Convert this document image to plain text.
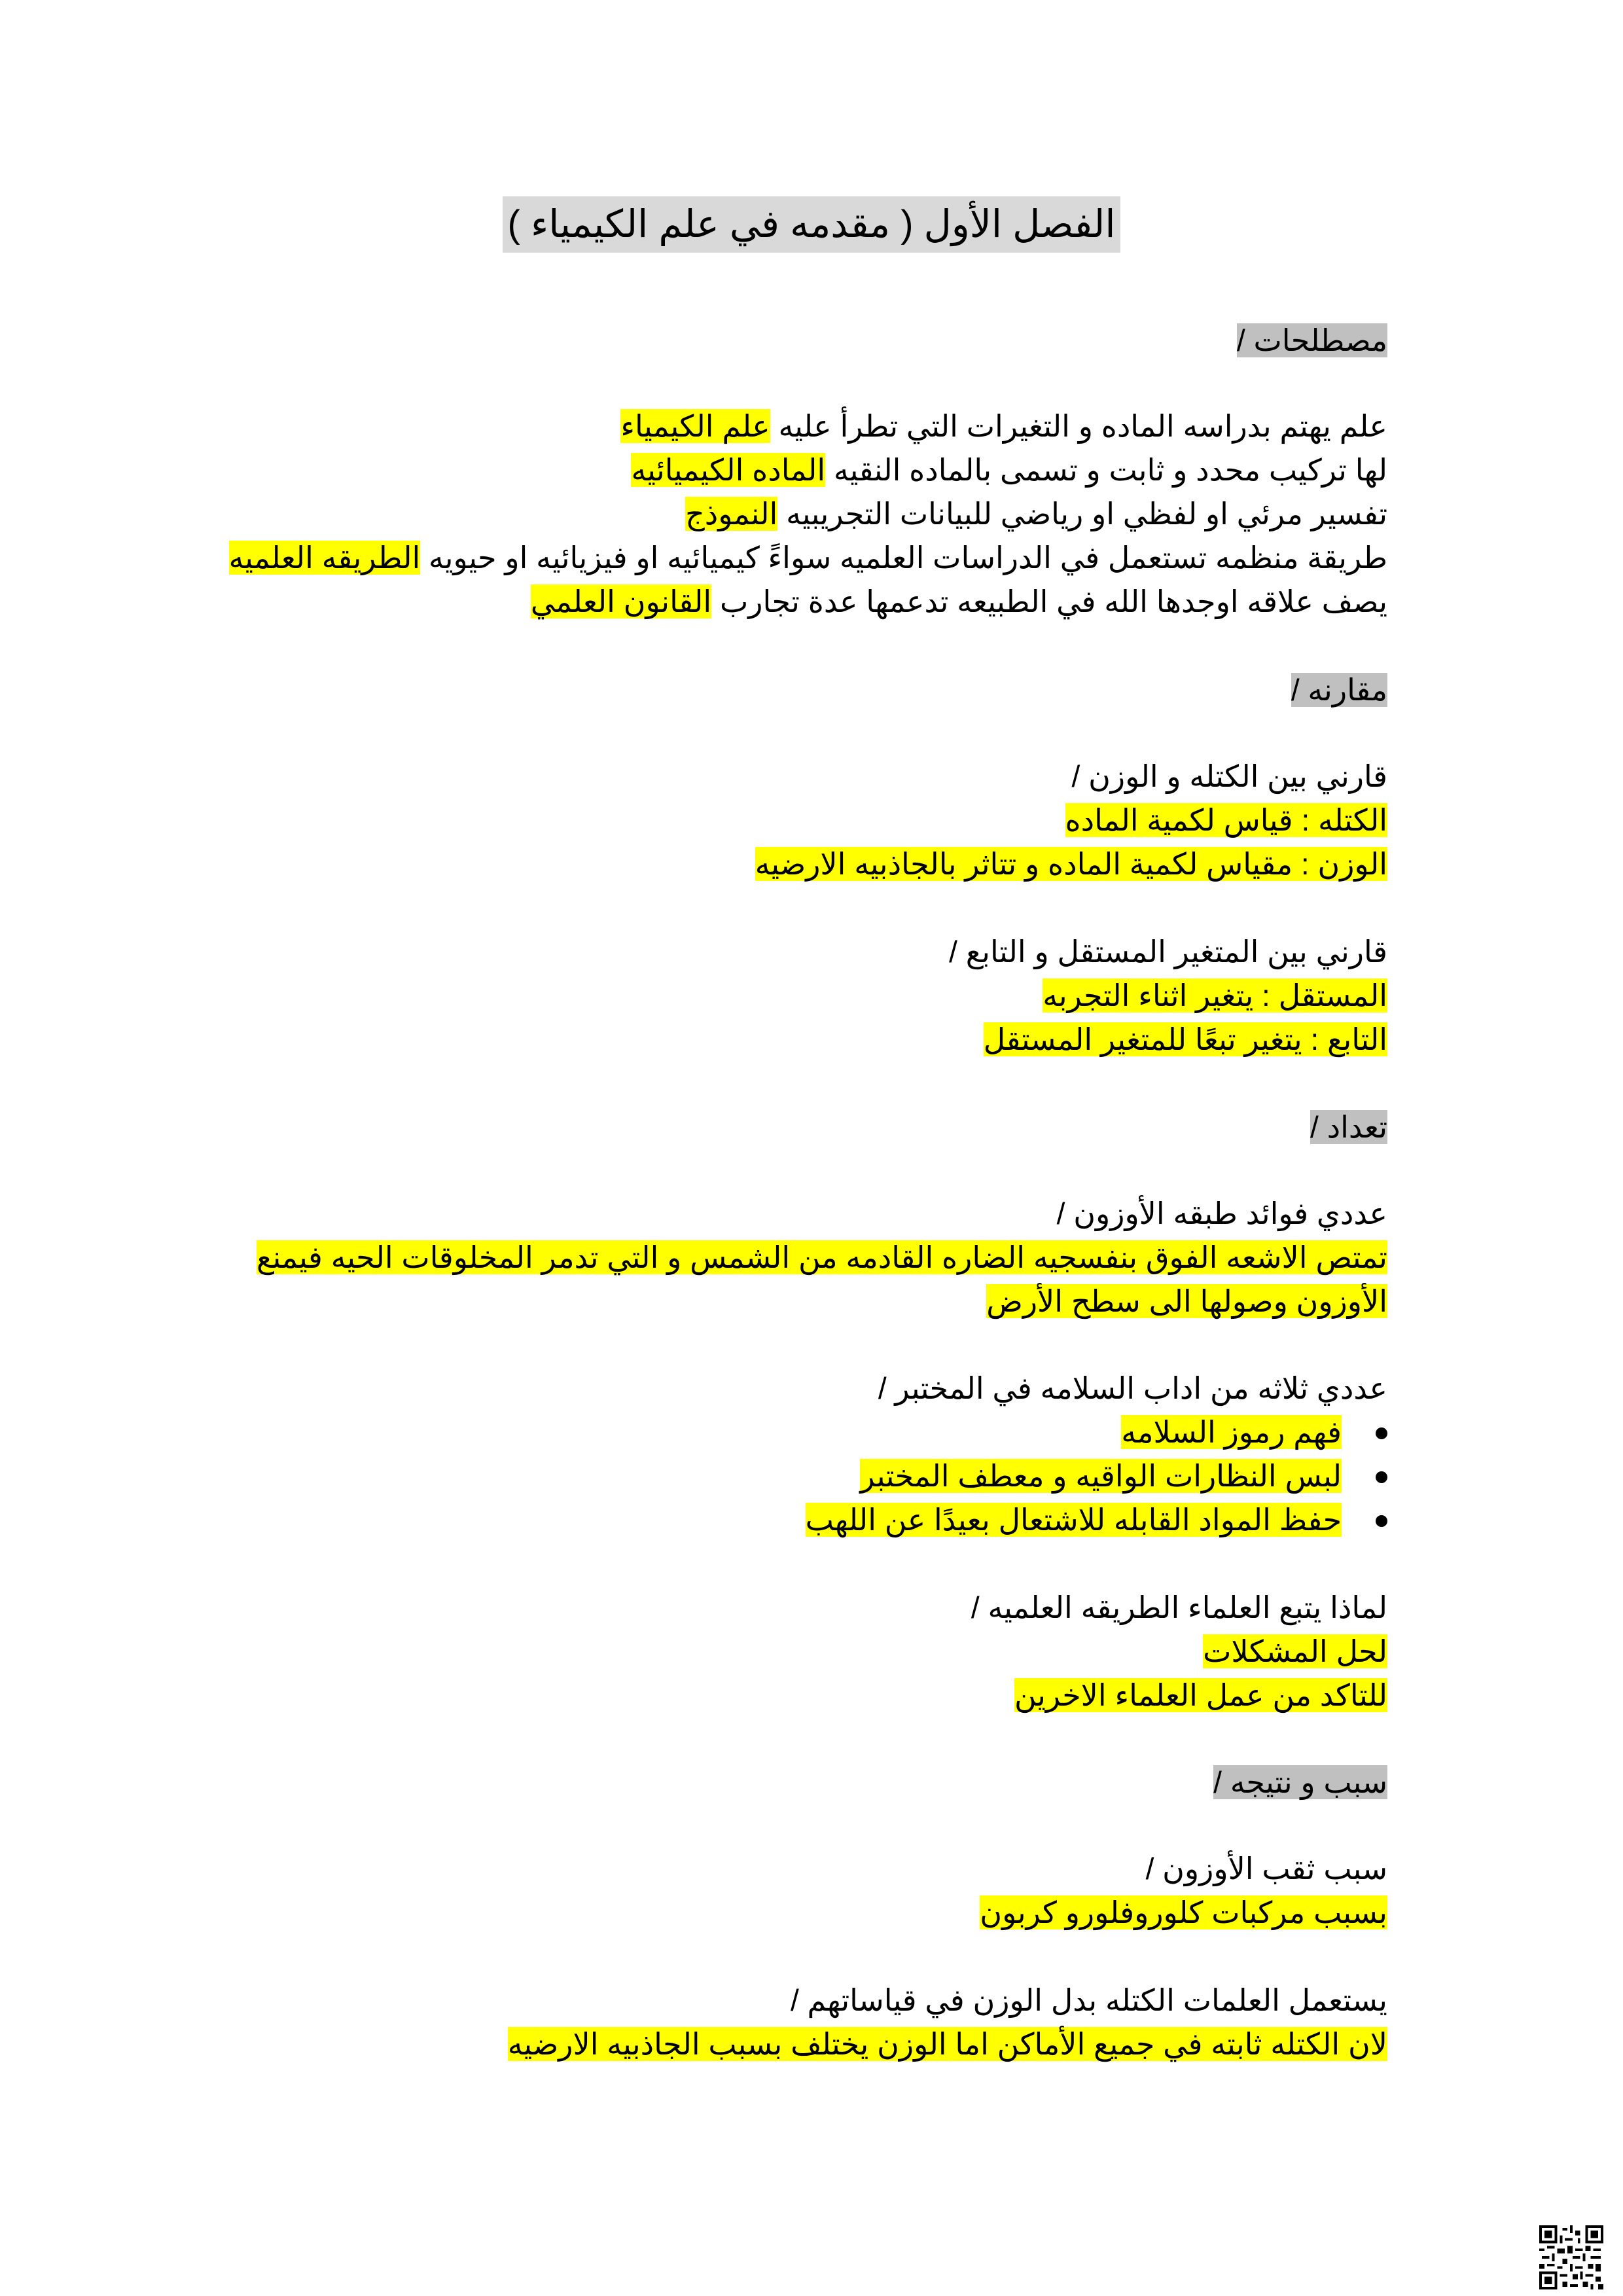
الفصل الأول ( مقدمه في علم الكيمياء )
مصطلحات /
علم يهتم بدراسه الماده و التغيرات التي تطرأ عليه علم الكيمياء
لها تركيب محدد و ثابت و تسمى بالماده النقيه الماده الكيميائيه
تفسير مرئي او لفظي او رياضي للبيانات التجريبيه النموذج
طريقة منظمه تستعمل في الدراسات العلميه سواءً كيميائيه او فيزيائيه او حيويه الطريقه العلميه
يصف علاقه اوجدها الله في الطبيعه تدعمها عدة تجارب القانون العلمي
مقارنه /
قارني بين الكتله و الوزن /
الكتله : قياس لكمية الماده
الوزن : مقياس لكمية الماده و تتاثر بالجاذبيه الارضيه
قارني بين المتغير المستقل و التابع /
المستقل : يتغير اثناء التجربه
التابع : يتغير تبعًا للمتغير المستقل
تعداد /
عددي فوائد طبقه الأوزون /
تمتص الاشعه الفوق بنفسجيه الضاره القادمه من الشمس و التي تدمر المخلوقات الحيه فيمنع
الأوزون وصولها الى سطح الأرض
عددي ثلاثه من اداب السلامه في المختبر /
فهم رموز السلامه
لبس النظارات الواقيه و معطف المختبر
حفظ المواد القابله للاشتعال بعيدًا عن اللهب
لماذا يتبع العلماء الطريقه العلميه /
لحل المشكلات
للتاكد من عمل العلماء الاخرين
سبب و نتيجه /
سبب ثقب الأوزون /
بسبب مركبات كلوروفلورو كربون
يستعمل العلمات الكتله بدل الوزن في قياساتهم /
لان الكتله ثابته في جميع الأماكن اما الوزن يختلف بسبب الجاذبيه الارضيه
